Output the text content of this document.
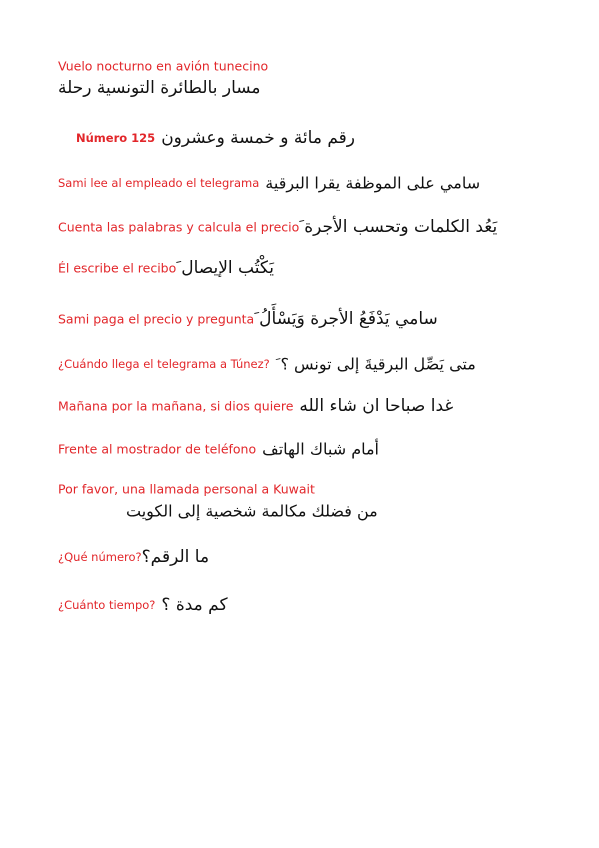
Vuelo nocturno en avión tunecino
مسار بالطائرة التونسية رحلة
Número 125 رقم مائة و خمسة وعشرون
Sami lee al empleado el telegrama سامي على الموظفة يقرا البرقية
Cuenta las palabras y calcula el precioيَعُد الكلمات وتحسب الأجرة َ
Él escribe el reciboيَكْتُب الإيصال َ
Sami paga el precio y preguntaسامي يَدْفَعُ الأجرة وَيَسْأَلُ َ
¿Cuándo llega el telegrama a Túnez? متى يَصِّل البرقيةَ إلى تونس ؟ َ
Mañana por la mañana, si dios quiere غدا صباحا ان شاء الله
Frente al mostrador de teléfono أمام شباك الهاتف
Por favor, una llamada personal a Kuwait
من فضلك مكالمة شخصية إلى الكويت
¿Qué número?ما الرقم؟
¿Cuánto tiempo? كم مدة ؟
